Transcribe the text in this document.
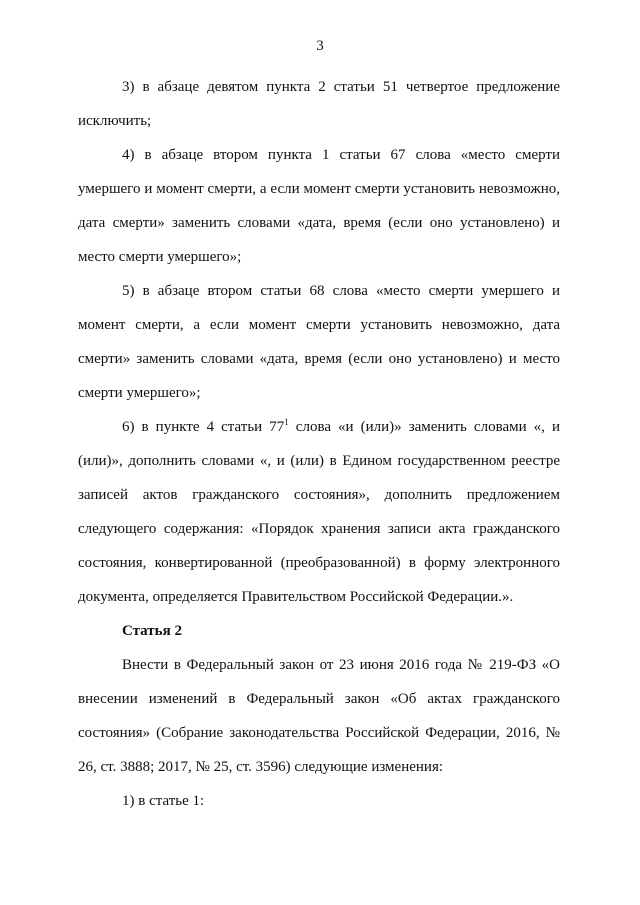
3

3) в абзаце девятом пункта 2 статьи 51 четвертое предложение исключить;

4) в абзаце втором пункта 1 статьи 67 слова «место смерти умершего и момент смерти, а если момент смерти установить невозможно, дата смерти» заменить словами «дата, время (если оно установлено) и место смерти умершего»;

5) в абзаце втором статьи 68 слова «место смерти умершего и момент смерти, а если момент смерти установить невозможно, дата смерти» заменить словами «дата, время (если оно установлено) и место смерти умершего»;

6) в пункте 4 статьи $77^1$ слова «и (или)» заменить словами «, и (или)», дополнить словами «, и (или) в Едином государственном реестре записей актов гражданского состояния», дополнить предложением следующего содержания: «Порядок хранения записи акта гражданского состояния, конвертированной (преобразованной) в форму электронного документа, определяется Правительством Российской Федерации.».

Статья 2

Внести в Федеральный закон от 23 июня 2016 года № 219-ФЗ «О внесении изменений в Федеральный закон «Об актах гражданского состояния» (Собрание законодательства Российской Федерации, 2016, № 26, ст. 3888; 2017, № 25, ст. 3596) следующие изменения:

1) в статье 1:
